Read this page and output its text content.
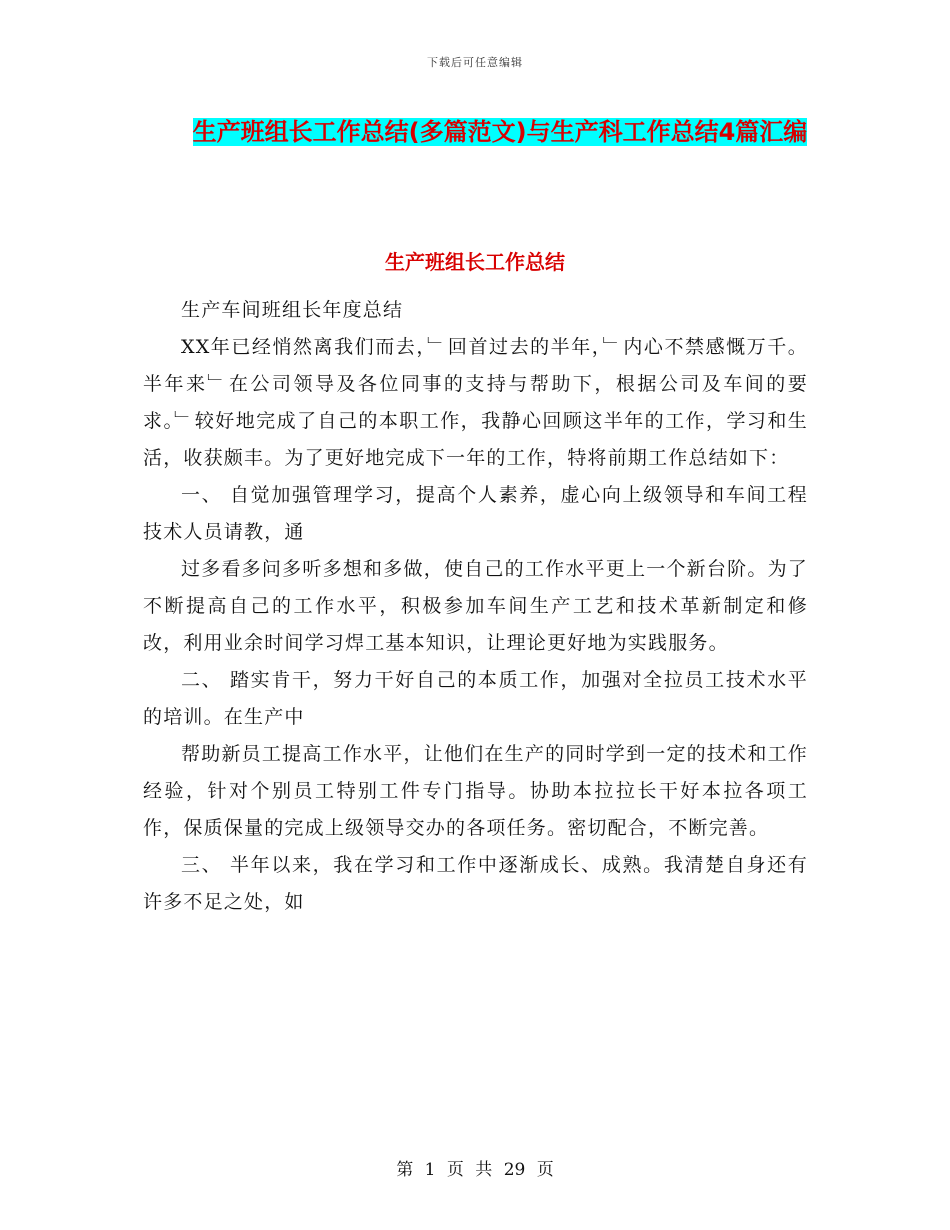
下载后可任意编辑
生产班组长工作总结(多篇范文)与生产科工作总结4篇汇编
生产班组长工作总结

生产车间班组长年度总结

XX年已经悄然离我们而去，﹂回首过去的半年，﹂内心不禁感慨万千。半年来﹂在公司领导及各位同事的支持与帮助下，根据公司及车间的要求。﹂较好地完成了自己的本职工作，我静心回顾这半年的工作，学习和生活，收获颇丰。为了更好地完成下一年的工作，特将前期工作总结如下：

一、 自觉加强管理学习，提高个人素养，虚心向上级领导和车间工程技术人员请教，通

过多看多问多听多想和多做，使自己的工作水平更上一个新台阶。为了不断提高自己的工作水平，积极参加车间生产工艺和技术革新制定和修改，利用业余时间学习焊工基本知识，让理论更好地为实践服务。

二、 踏实肯干，努力干好自己的本质工作，加强对全拉员工技术水平的培训。在生产中

帮助新员工提高工作水平，让他们在生产的同时学到一定的技术和工作经验，针对个别员工特别工件专门指导。协助本拉拉长干好本拉各项工作，保质保量的完成上级领导交办的各项任务。密切配合，不断完善。

三、 半年以来，我在学习和工作中逐渐成长、成熟。我清楚自身还有许多不足之处，如

第 1 页 共 29 页
